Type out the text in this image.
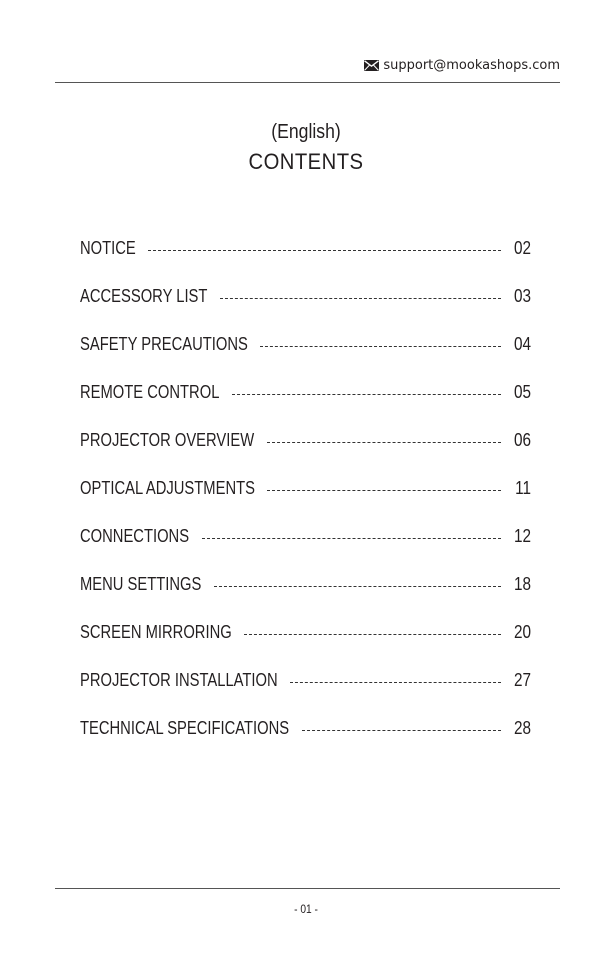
support@mookashops.com
(English)
CONTENTS
NOTICE	02
ACCESSORY LIST	03
SAFETY PRECAUTIONS	04
REMOTE CONTROL	05
PROJECTOR OVERVIEW	06
OPTICAL ADJUSTMENTS	11
CONNECTIONS	12
MENU SETTINGS	18
SCREEN MIRRORING	20
PROJECTOR INSTALLATION	27
TECHNICAL SPECIFICATIONS	28
- 01 -
